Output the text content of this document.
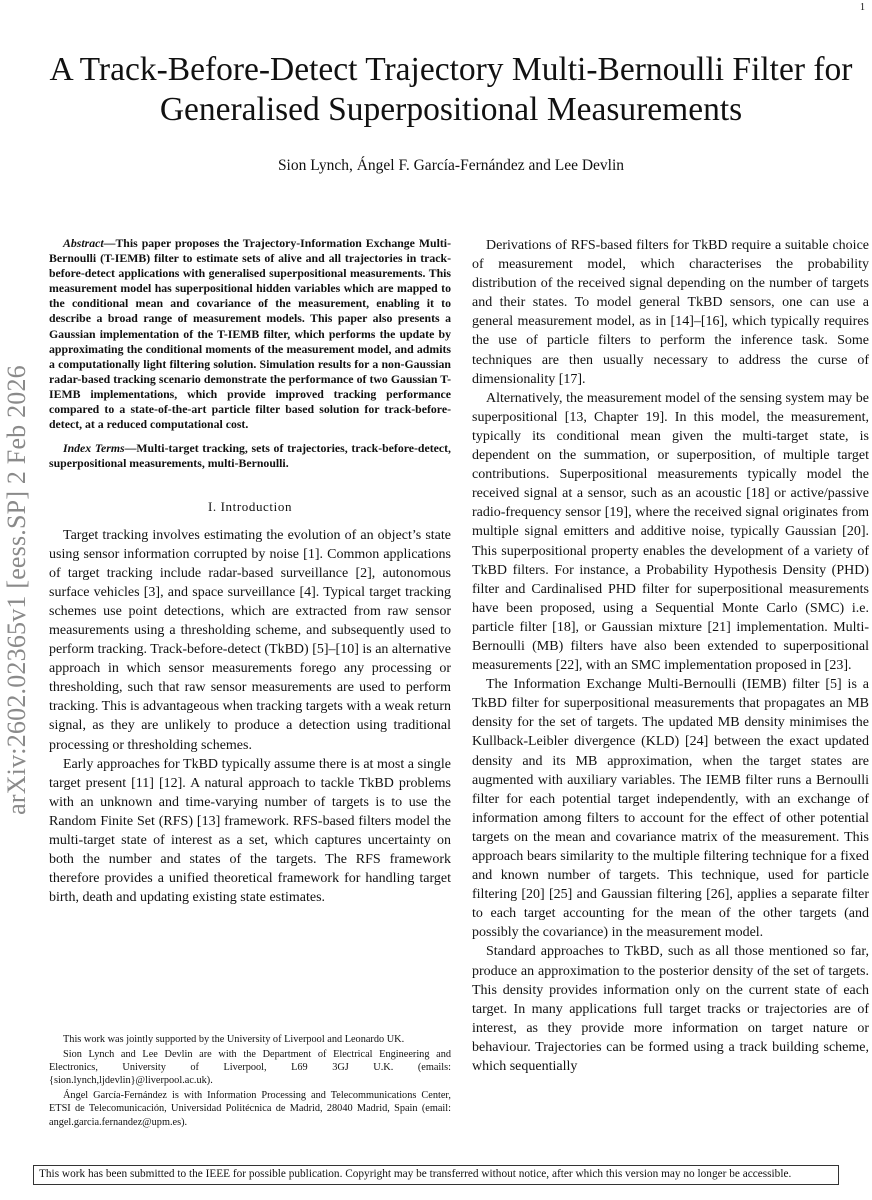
1
arXiv:2602.02365v1 [eess.SP] 2 Feb 2026
A Track-Before-Detect Trajectory Multi-Bernoulli Filter for Generalised Superpositional Measurements

Sion Lynch, Ángel F. García-Fernández and Lee Devlin

Abstract—This paper proposes the Trajectory-Information Exchange Multi-Bernoulli (T-IEMB) filter to estimate sets of alive and all trajectories in track-before-detect applications with generalised superpositional measurements. This measurement model has superpositional hidden variables which are mapped to the conditional mean and covariance of the measurement, enabling it to describe a broad range of measurement models. This paper also presents a Gaussian implementation of the T-IEMB filter, which performs the update by approximating the conditional moments of the measurement model, and admits a computationally light filtering solution. Simulation results for a non-Gaussian radar-based tracking scenario demonstrate the performance of two Gaussian T-IEMB implementations, which provide improved tracking performance compared to a state-of-the-art particle filter based solution for track-before-detect, at a reduced computational cost.

Index Terms—Multi-target tracking, sets of trajectories, track-before-detect, superpositional measurements, multi-Bernoulli.

I. Introduction

Target tracking involves estimating the evolution of an object’s state using sensor information corrupted by noise [1]. Common applications of target tracking include radar-based surveillance [2], autonomous surface vehicles [3], and space surveillance [4]. Typical target tracking schemes use point detections, which are extracted from raw sensor measurements using a thresholding scheme, and subsequently used to perform tracking. Track-before-detect (TkBD) [5]–[10] is an alternative approach in which sensor measurements forego any processing or thresholding, such that raw sensor measurements are used to perform tracking. This is advantageous when tracking targets with a weak return signal, as they are unlikely to produce a detection using traditional processing or thresholding schemes.

Early approaches for TkBD typically assume there is at most a single target present [11] [12]. A natural approach to tackle TkBD problems with an unknown and time-varying number of targets is to use the Random Finite Set (RFS) [13] framework. RFS-based filters model the multi-target state of interest as a set, which captures uncertainty on both the number and states of the targets. The RFS framework therefore provides a unified theoretical framework for handling target birth, death and updating existing state estimates.

This work was jointly supported by the University of Liverpool and Leonardo UK.

Sion Lynch and Lee Devlin are with the Department of Electrical Engineering and Electronics, University of Liverpool, L69 3GJ U.K. (emails: {sion.lynch,ljdevlin}@liverpool.ac.uk).

Ángel García-Fernández is with Information Processing and Telecommunications Center, ETSI de Telecomunicación, Universidad Politécnica de Madrid, 28040 Madrid, Spain (email: angel.garcia.fernandez@upm.es).

Derivations of RFS-based filters for TkBD require a suitable choice of measurement model, which characterises the probability distribution of the received signal depending on the number of targets and their states. To model general TkBD sensors, one can use a general measurement model, as in [14]–[16], which typically requires the use of particle filters to perform the inference task. Some techniques are then usually necessary to address the curse of dimensionality [17].

Alternatively, the measurement model of the sensing system may be superpositional [13, Chapter 19]. In this model, the measurement, typically its conditional mean given the multi-target state, is dependent on the summation, or superposition, of multiple target contributions. Superpositional measurements typically model the received signal at a sensor, such as an acoustic [18] or active/passive radio-frequency sensor [19], where the received signal originates from multiple signal emitters and additive noise, typically Gaussian [20]. This superpositional property enables the development of a variety of TkBD filters. For instance, a Probability Hypothesis Density (PHD) filter and Cardinalised PHD filter for superpositional measurements have been proposed, using a Sequential Monte Carlo (SMC) i.e. particle filter [18], or Gaussian mixture [21] implementation. Multi-Bernoulli (MB) filters have also been extended to superpositional measurements [22], with an SMC implementation proposed in [23].

The Information Exchange Multi-Bernoulli (IEMB) filter [5] is a TkBD filter for superpositional measurements that propagates an MB density for the set of targets. The updated MB density minimises the Kullback-Leibler divergence (KLD) [24] between the exact updated density and its MB approximation, when the target states are augmented with auxiliary variables. The IEMB filter runs a Bernoulli filter for each potential target independently, with an exchange of information among filters to account for the effect of other potential targets on the mean and covariance matrix of the measurement. This approach bears similarity to the multiple filtering technique for a fixed and known number of targets. This technique, used for particle filtering [20] [25] and Gaussian filtering [26], applies a separate filter to each target accounting for the mean of the other targets (and possibly the covariance) in the measurement model.

Standard approaches to TkBD, such as all those mentioned so far, produce an approximation to the posterior density of the set of targets. This density provides information only on the current state of each target. In many applications full target tracks or trajectories are of interest, as they provide more information on target nature or behaviour. Trajectories can be formed using a track building scheme, which sequentially

This work has been submitted to the IEEE for possible publication. Copyright may be transferred without notice, after which this version may no longer be accessible.
